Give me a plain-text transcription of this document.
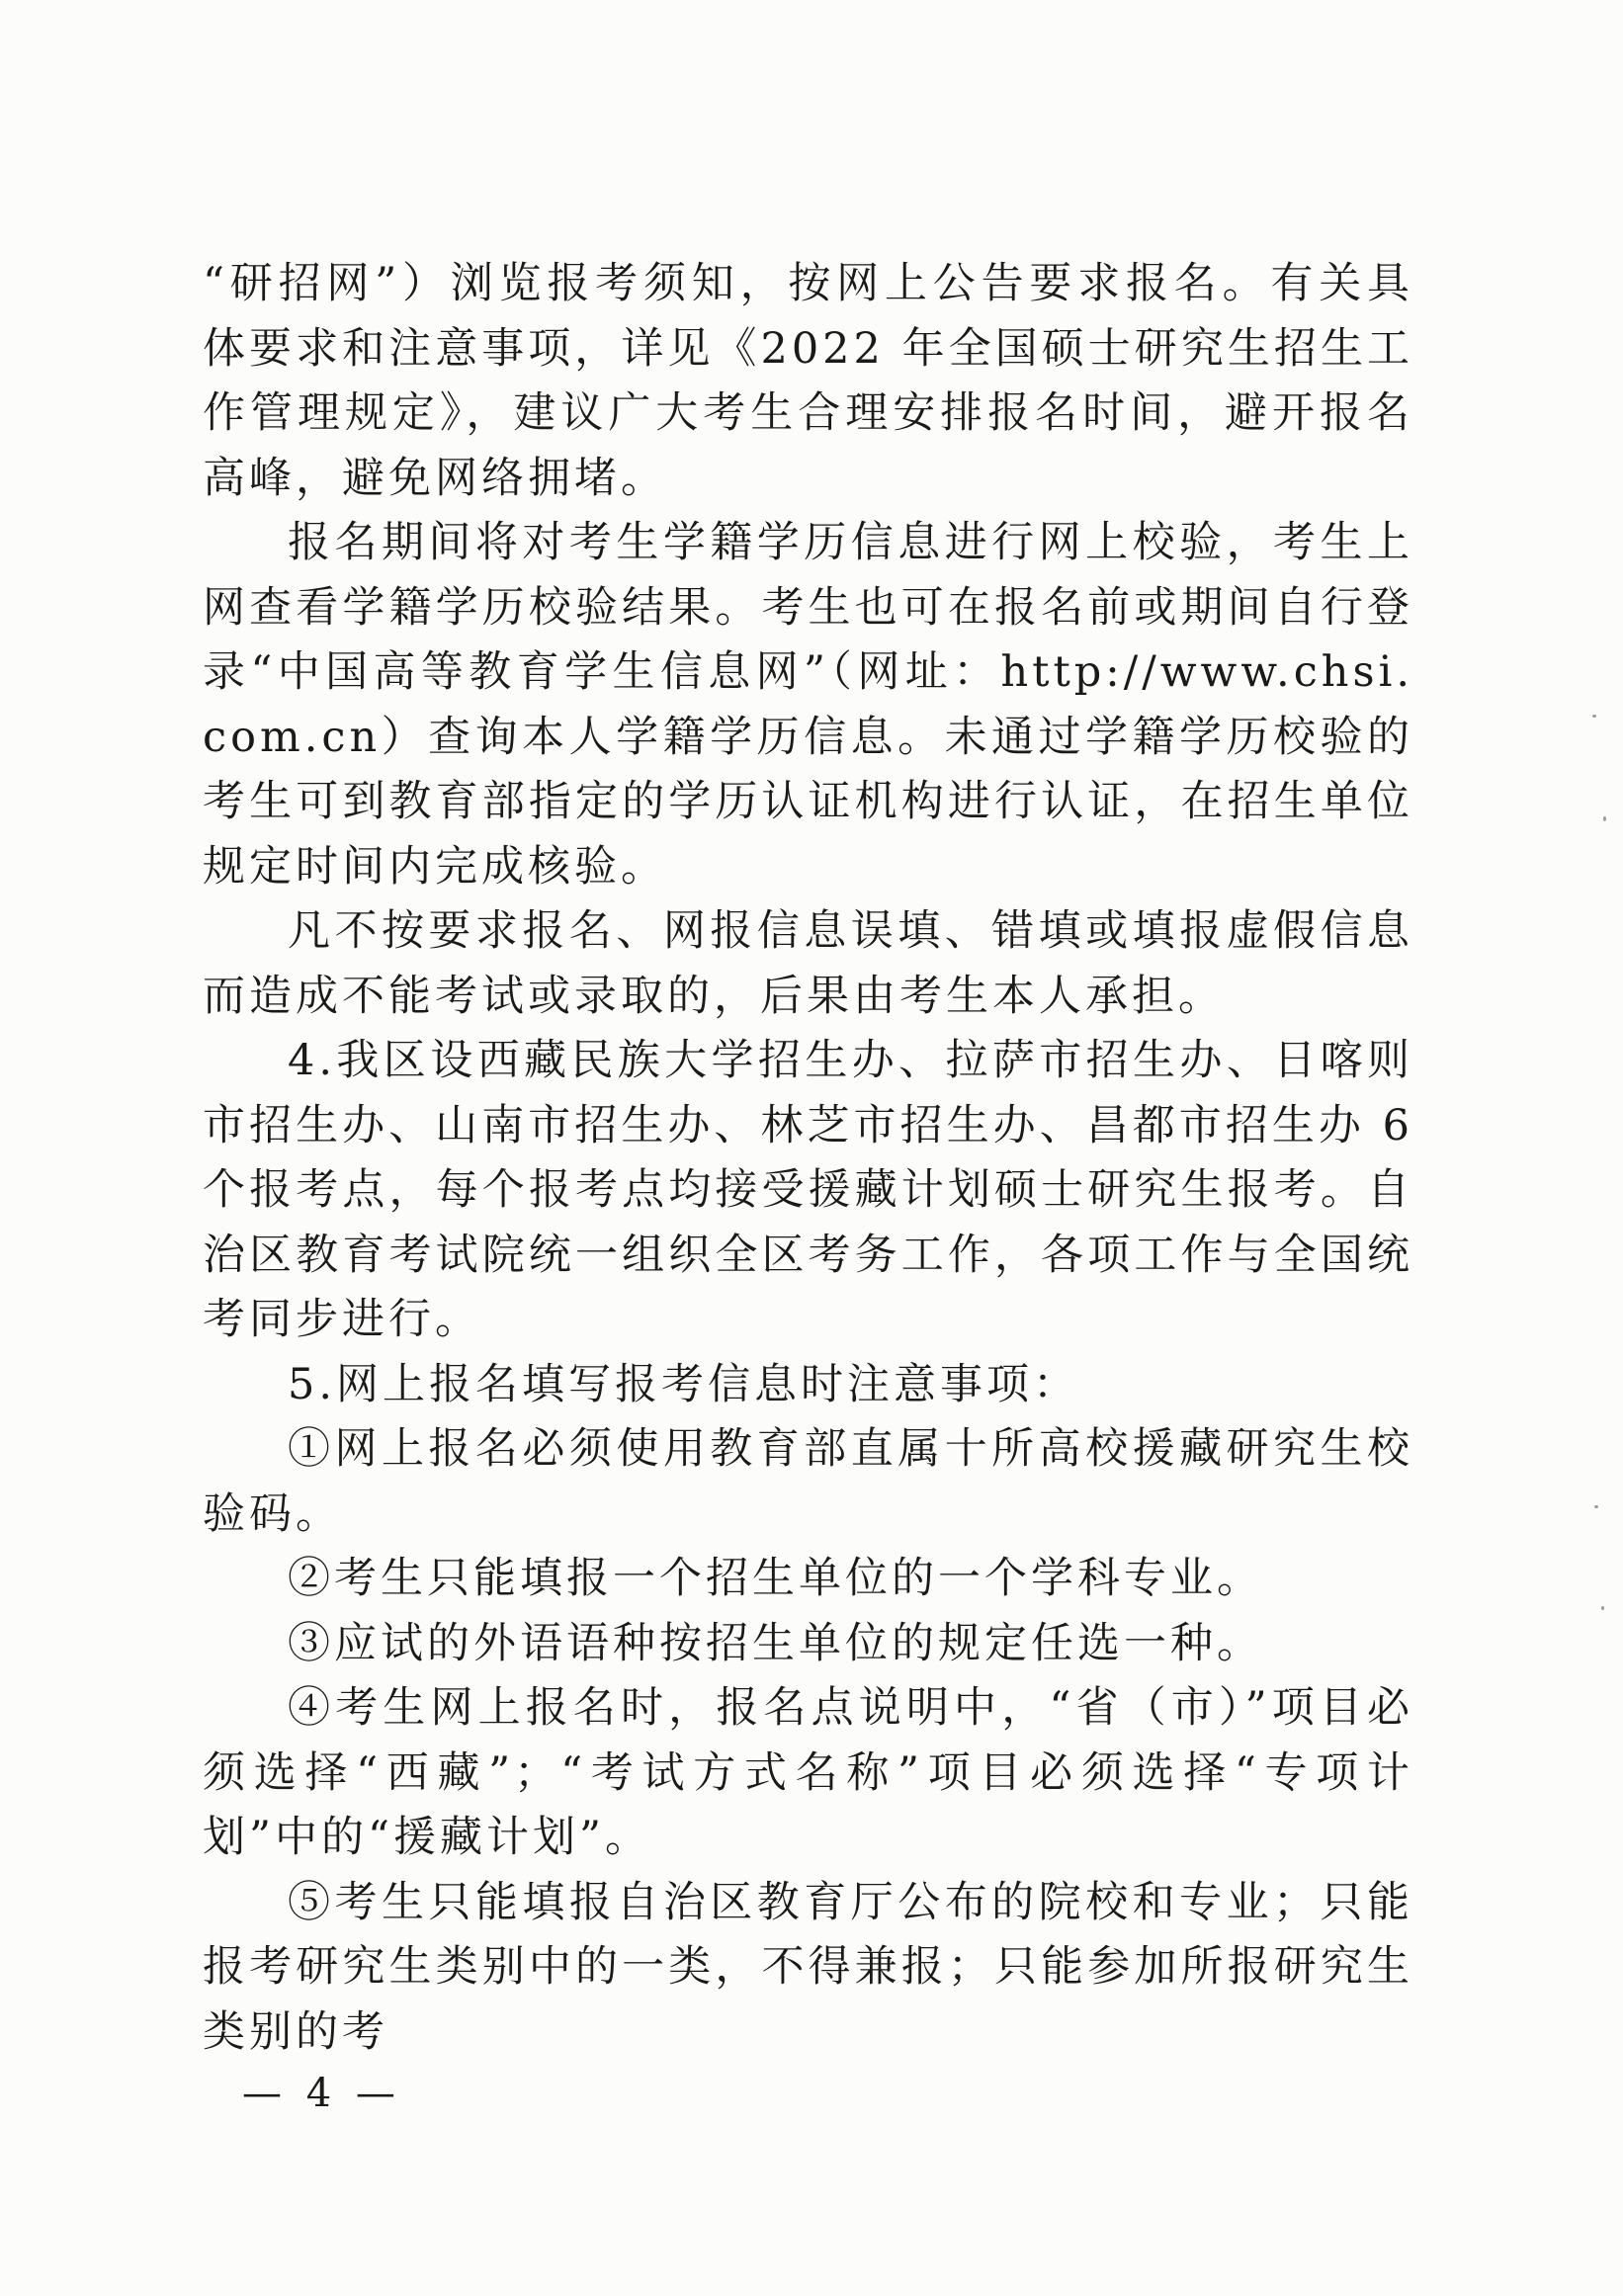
“研招网”）浏览报考须知，按网上公告要求报名。有关具体要求和注意事项，详见《2022 年全国硕士研究生招生工作管理规定》，建议广大考生合理安排报名时间，避开报名高峰，避免网络拥堵。

报名期间将对考生学籍学历信息进行网上校验，考生上网查看学籍学历校验结果。考生也可在报名前或期间自行登录“中国高等教育学生信息网”（网址：http://www.chsi.com.cn）查询本人学籍学历信息。未通过学籍学历校验的考生可到教育部指定的学历认证机构进行认证，在招生单位规定时间内完成核验。

凡不按要求报名、网报信息误填、错填或填报虚假信息而造成不能考试或录取的，后果由考生本人承担。

4.我区设西藏民族大学招生办、拉萨市招生办、日喀则市招生办、山南市招生办、林芝市招生办、昌都市招生办 6 个报考点，每个报考点均接受援藏计划硕士研究生报考。自治区教育考试院统一组织全区考务工作，各项工作与全国统考同步进行。

5.网上报名填写报考信息时注意事项：

①网上报名必须使用教育部直属十所高校援藏研究生校验码。

②考生只能填报一个招生单位的一个学科专业。

③应试的外语语种按招生单位的规定任选一种。

④考生网上报名时，报名点说明中，“省（市）”项目必须选择“西藏”；“考试方式名称”项目必须选择“专项计划”中的“援藏计划”。

⑤考生只能填报自治区教育厅公布的院校和专业；只能报考研究生类别中的一类，不得兼报；只能参加所报研究生类别的考

— 4 —
